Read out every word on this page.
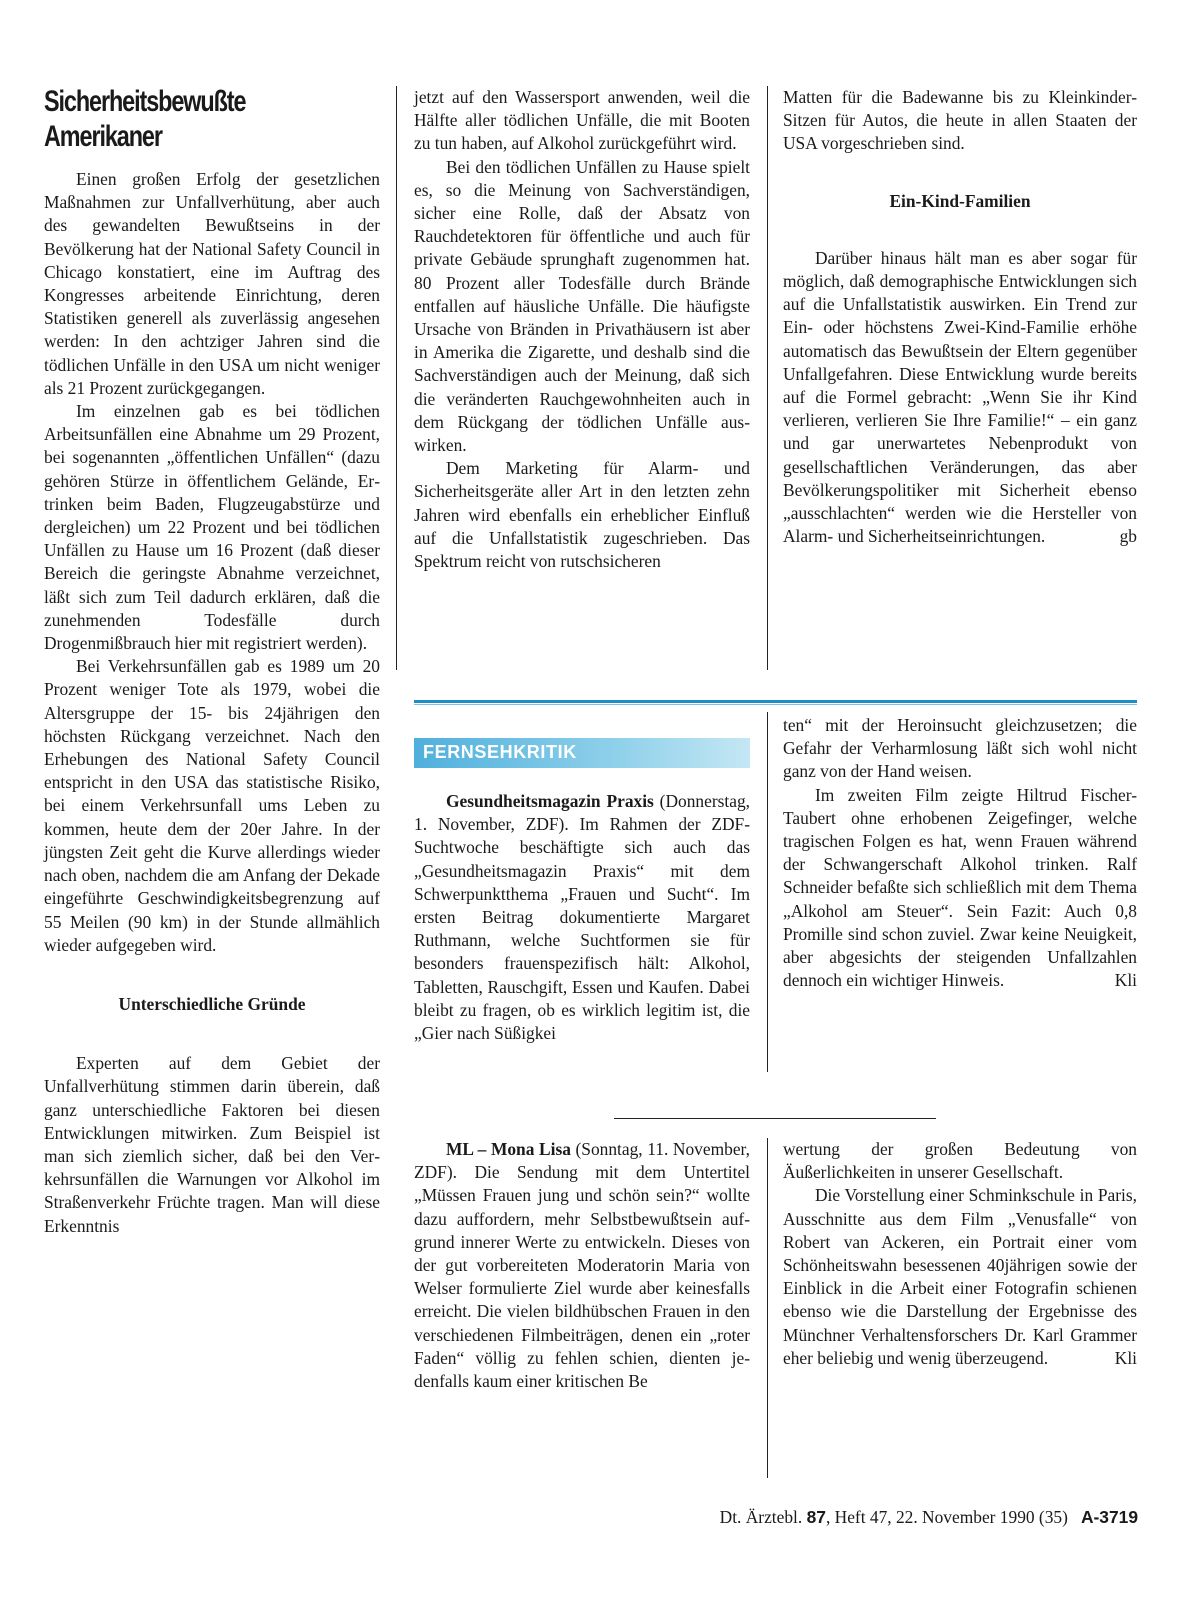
Sicherheitsbewußte
Amerikaner

Einen großen Erfolg der gesetzlichen Maßnahmen zur Unfallverhütung, aber auch des gewandelten Bewußtseins in der Bevölkerung hat der National Safety Council in Chicago konstatiert, eine im Auftrag des Kongresses arbeitende Einrichtung, deren Statistiken generell als zuverlässig angesehen werden: In den achtziger Jahren sind die tödlichen Unfälle in den USA um nicht weniger als 21 Prozent zurückgegangen.

Im einzelnen gab es bei tödlichen Arbeitsunfällen eine Abnahme um 29 Prozent, bei sogenannten „öffentlichen Unfällen“ (dazu gehören Stürze in öffentlichem Gelände, Ertrinken beim Baden, Flugzeugabstürze und dergleichen) um 22 Prozent und bei tödlichen Unfällen zu Hause um 16 Prozent (daß dieser Bereich die geringste Abnahme verzeichnet, läßt sich zum Teil dadurch erklären, daß die zunehmenden Todesfälle durch Drogenmißbrauch hier mit registriert werden).

Bei Verkehrsunfällen gab es 1989 um 20 Prozent weniger Tote als 1979, wobei die Altersgruppe der 15- bis 24jährigen den höchsten Rückgang verzeichnet. Nach den Erhebungen des National Safety Council entspricht in den USA das statistische Risiko, bei einem Verkehrsunfall ums Leben zu kommen, heute dem der 20er Jahre. In der jüngsten Zeit geht die Kurve allerdings wieder nach oben, nachdem die am Anfang der Dekade eingeführte Geschwindigkeitsbegrenzung auf 55 Meilen (90 km) in der Stunde allmählich wieder aufgegeben wird.

Unterschiedliche Gründe

Experten auf dem Gebiet der Unfallverhütung stimmen darin überein, daß ganz unterschiedliche Faktoren bei diesen Entwicklungen mitwirken. Zum Beispiel ist man sich ziemlich sicher, daß bei den Verkehrsunfällen die Warnungen vor Alkohol im Straßenverkehr Früchte tragen. Man will diese Erkenntnis

jetzt auf den Wassersport anwenden, weil die Hälfte aller tödlichen Unfälle, die mit Booten zu tun haben, auf Alkohol zurückgeführt wird.

Bei den tödlichen Unfällen zu Hause spielt es, so die Meinung von Sachverständigen, sicher eine Rolle, daß der Absatz von Rauchdetektoren für öffentliche und auch für private Gebäude sprunghaft zugenommen hat. 80 Prozent aller Todesfälle durch Brände entfallen auf häusliche Unfälle. Die häufigste Ursache von Bränden in Privathäusern ist aber in Amerika die Zigarette, und deshalb sind die Sachverständigen auch der Meinung, daß sich die veränderten Rauchgewohnheiten auch in dem Rückgang der tödlichen Unfälle auswirken.

Dem Marketing für Alarm- und Sicherheitsgeräte aller Art in den letzten zehn Jahren wird ebenfalls ein erheblicher Einfluß auf die Unfallstatistik zugeschrieben. Das Spektrum reicht von rutschsicheren

Matten für die Badewanne bis zu Kleinkinder-Sitzen für Autos, die heute in allen Staaten der USA vorgeschrieben sind.

Ein-Kind-Familien

Darüber hinaus hält man es aber sogar für möglich, daß demographische Entwicklungen sich auf die Unfallstatistik auswirken. Ein Trend zur Ein- oder höchstens Zwei-Kind-Familie erhöhe automatisch das Bewußtsein der Eltern gegenüber Unfallgefahren. Diese Entwicklung wurde bereits auf die Formel gebracht: „Wenn Sie ihr Kind verlieren, verlieren Sie Ihre Familie!“ – ein ganz und gar unerwartetes Nebenprodukt von gesellschaftlichen Veränderungen, das aber Bevölkerungspolitiker mit Sicherheit ebenso „ausschlachten“ werden wie die Hersteller von Alarm- und Sicherheitseinrichtungen.	gb

FERNSEHKRITIK

Gesundheitsmagazin Praxis (Donnerstag, 1. November, ZDF). Im Rahmen der ZDF-Suchtwoche beschäftigte sich auch das „Gesundheitsmagazin Praxis“ mit dem Schwerpunktthema „Frauen und Sucht“. Im ersten Beitrag dokumentierte Margaret Ruthmann, welche Suchtformen sie für besonders frauenspezifisch hält: Alkohol, Tabletten, Rauschgift, Essen und Kaufen. Dabei bleibt zu fragen, ob es wirklich legitim ist, die „Gier nach Süßigkei

ten“ mit der Heroinsucht gleichzusetzen; die Gefahr der Verharmlosung läßt sich wohl nicht ganz von der Hand weisen.

Im zweiten Film zeigte Hiltrud Fischer-Taubert ohne erhobenen Zeigefinger, welche tragischen Folgen es hat, wenn Frauen während der Schwangerschaft Alkohol trinken. Ralf Schneider befaßte sich schließlich mit dem Thema „Alkohol am Steuer“. Sein Fazit: Auch 0,8 Promille sind schon zuviel. Zwar keine Neuigkeit, aber abgesichts der steigenden Unfallzahlen dennoch ein wichtiger Hinweis.	Kli

ML – Mona Lisa (Sonntag, 11. November, ZDF). Die Sendung mit dem Untertitel „Müssen Frauen jung und schön sein?“ wollte dazu auffordern, mehr Selbstbewußtsein aufgrund innerer Werte zu entwickeln. Dieses von der gut vorbereiteten Moderatorin Maria von Welser formulierte Ziel wurde aber keinesfalls erreicht. Die vielen bildhübschen Frauen in den verschiedenen Filmbeiträgen, denen ein „roter Faden“ völlig zu fehlen schien, dienten jedenfalls kaum einer kritischen Be

wertung der großen Bedeutung von Äußerlichkeiten in unserer Gesellschaft.

Die Vorstellung einer Schminkschule in Paris, Ausschnitte aus dem Film „Venusfalle“ von Robert van Ackeren, ein Portrait einer vom Schönheitswahn besessenen 40jährigen sowie der Einblick in die Arbeit einer Fotografin schienen ebenso wie die Darstellung der Ergebnisse des Münchner Verhaltensforschers Dr. Karl Grammer eher beliebig und wenig überzeugend.	Kli

Dt. Ärztebl. 87, Heft 47, 22. November 1990 (35) A-3719
